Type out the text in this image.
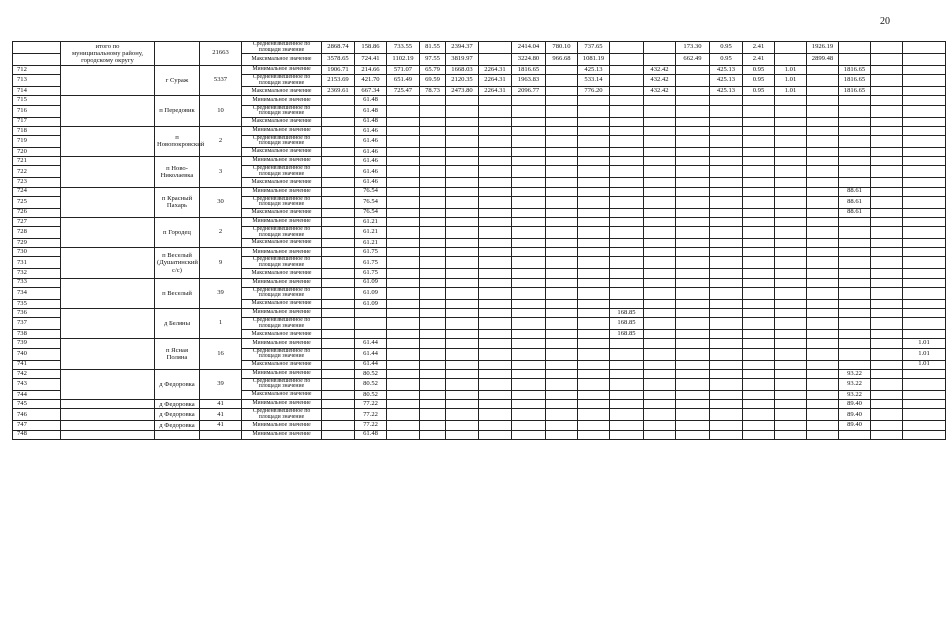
20

	итого по
муниципальному району,
городскому округу		21663	Средненвзвешенное по площади значение	2868.74	158.86	733.55	81.55	2394.37		2414.04	780.10	737.65			173.30	0.95	2.41		1926.19			
				Максимальное значение	3578.65	724.41	1102.19	97.55	3819.97		3224.80	966.68	1081.19			662.49	0.95	2.41		2899.48			
712		г Сураж	5337	Минимальное значение	1906.71	214.66	571.07	65.79	1668.03	2264.31	1816.65		425.13		432.42		425.13	0.95	1.01		1816.65		
713				Средненвзвешенное по площади значение	2153.69	421.70	651.49	69.59	2120.35	2264.31	1963.83		533.14		432.42		425.13	0.95	1.01		1816.65		
714				Максимальное значение	2369.61	667.34	725.47	78.73	2473.80	2264.31	2096.77		776.20		432.42		425.13	0.95	1.01		1816.65		
715		п Передовик	10	Минимальное значение		61.48																	
716				Средненвзвешенное по площади значение		61.48																	
717				Максимальное значение		61.48																	
718		п Новопокровский	2	Минимальное значение		61.46																	
719				Средненвзвешенное по площади значение		61.46																	
720				Максимальное значение		61.46																	
721		п Ново-Николаевка	3	Минимальное значение		61.46																	
722				Средненвзвешенное по площади значение		61.46																	
723				Максимальное значение		61.46																	
724		п Красный Пахарь	30	Минимальное значение		76.54															88.61		
725				Средненвзвешенное по площади значение		76.54															88.61		
726				Максимальное значение		76.54															88.61		
727		п Городец	2	Минимальное значение		61.21																	
728				Средненвзвешенное по площади значение		61.21																	
729				Максимальное значение		61.21																	
730		п Веселый (Душатинский с/с)	9	Минимальное значение		61.75																	
731				Средненвзвешенное по площади значение		61.75																	
732				Максимальное значение		61.75																	
733		п Веселый	39	Минимальное значение		61.09																	
734				Средненвзвешенное по площади значение		61.09																	
735				Максимальное значение		61.09																	
736		д Беляны	1	Минимальное значение										168.85									
737				Средненвзвешенное по площади значение										168.85									
738				Максимальное значение										168.85									
739		п Ясная Поляна	16	Минимальное значение		61.44																	1.01
740				Средненвзвешенное по площади значение		61.44																	1.01
741				Максимальное значение		61.44																	1.01
742		д Федоровка	39	Минимальное значение		80.52															93.22		
743				Средненвзвешенное по площади значение		80.52															93.22		
744				Максимальное значение		80.52															93.22		
745		д Федоровка	41	Минимальное значение		77.22															89.40		
746		д Федоровка	41	Средненвзвешенное по площади значение		77.22															89.40		
747		д Федоровка	41	Минимальное значение		77.22															89.40		
748				Минимальное значение		61.48																	
